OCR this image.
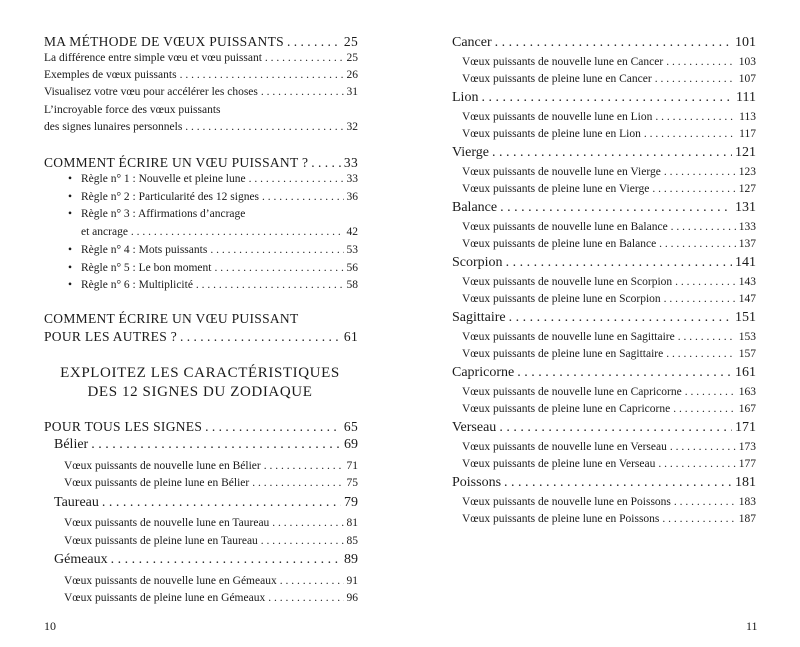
MA MÉTHODE DE VŒUX PUISSANTS . . .	25
La différence entre simple vœu et vœu puissant . . .	25
Exemples de vœux puissants . . .	26
Visualisez votre vœu pour accélérer les choses . . .	31
L’incroyable force des vœux puissants
des signes lunaires personnels . . .	32
COMMENT ÉCRIRE UN VŒU PUISSANT ? . . .	33
• Règle n° 1 : Nouvelle et pleine lune . . .	33
• Règle n° 2 : Particularité des 12 signes . . .	36
• Règle n° 3 : Affirmations d’ancrage
et ancrage . . .	42
• Règle n° 4 : Mots puissants . . .	53
• Règle n° 5 : Le bon moment . . .	56
• Règle n° 6 : Multiplicité . . .	58
COMMENT ÉCRIRE UN VŒU PUISSANT
POUR LES AUTRES ? . . .	61
EXPLOITEZ LES CARACTÉRISTIQUES
DES 12 SIGNES DU ZODIAQUE
POUR TOUS LES SIGNES . . .	65
Bélier . . .	69
Vœux puissants de nouvelle lune en Bélier . . .	71
Vœux puissants de pleine lune en Bélier . . .	75
Taureau . . .	79
Vœux puissants de nouvelle lune en Taureau . . .	81
Vœux puissants de pleine lune en Taureau . . .	85
Gémeaux . . .	89
Vœux puissants de nouvelle lune en Gémeaux . . .	91
Vœux puissants de pleine lune en Gémeaux . . .	96
10
Cancer . . .	101
Vœux puissants de nouvelle lune en Cancer . . .	103
Vœux puissants de pleine lune en Cancer . . .	107
Lion . . .	111
Vœux puissants de nouvelle lune en Lion . . .	113
Vœux puissants de pleine lune en Lion . . .	117
Vierge . . .	121
Vœux puissants de nouvelle lune en Vierge . . .	123
Vœux puissants de pleine lune en Vierge . . .	127
Balance . . .	131
Vœux puissants de nouvelle lune en Balance . . .	133
Vœux puissants de pleine lune en Balance . . .	137
Scorpion . . .	141
Vœux puissants de nouvelle lune en Scorpion . . .	143
Vœux puissants de pleine lune en Scorpion . . .	147
Sagittaire . . .	151
Vœux puissants de nouvelle lune en Sagittaire . . .	153
Vœux puissants de pleine lune en Sagittaire . . .	157
Capricorne . . .	161
Vœux puissants de nouvelle lune en Capricorne . . .	163
Vœux puissants de pleine lune en Capricorne . . .	167
Verseau . . .	171
Vœux puissants de nouvelle lune en Verseau . . .	173
Vœux puissants de pleine lune en Verseau . . .	177
Poissons . . .	181
Vœux puissants de nouvelle lune en Poissons . . .	183
Vœux puissants de pleine lune en Poissons . . .	187
11
